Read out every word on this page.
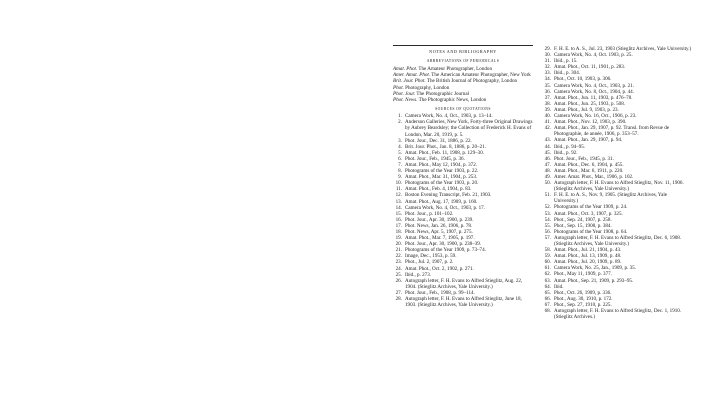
NOTES AND BIBLIOGRAPHY
ABBREVIATIONS OF PERIODICALS
Amat. Phot. The Amateur Photographer, London
Amer. Amat. Phot. The American Amateur Photographer, New York
Brit. Jour. Phot. The British Journal of Photography, London
Phot. Photography, London
Phot. Jour. The Photographic Journal
Phot. News. The Photographic News, London
SOURCES OF QUOTATIONS
1. Camera Work, No. 4, Oct., 1903, p. 13–14.
2. Anderson Galleries, New York, Forty-three Original Drawings by Aubrey Beardsley; the Collection of Frederick H. Evans of London, Mar. 20, 1919, p. 5.
3. Phot. Jour., Dec. 31, 1886, p. 22.
4. Brit. Jour. Phot., Jan. 8, 1886, p. 20–21.
5. Amat. Phot., Feb. 11, 1908, p. 129–30.
6. Phot. Jour., Feb., 1945, p. 36.
7. Amat. Phot., May 12, 1904, p. 372.
8. Photograms of the Year 1903, p. 22.
9. Amat. Phot., Mar. 31, 1904, p. 253.
10. Photograms of the Year 1903, p. 20.
11. Amat. Phot., Feb. 4, 1904, p. 83.
12. Boston Evening Transcript, Feb. 21, 1903.
13. Amat. Phot., Aug. 17, 1909, p. 160.
14. Camera Work, No. 4, Oct., 1903, p. 17.
15. Phot. Jour., p. 101–102.
16. Phot. Jour., Apr. 30, 1900, p. 239.
17. Phot. News, Jan. 26, 1906, p. 78.
18. Phot. News, Apr. 5, 1907, p. 275.
19. Amat. Phot., Mar. 7, 1905, p. 197.
20. Phot. Jour., Apr. 30, 1900, p. 238–39.
21. Photograms of the Year 1909, p. 73–74.
22. Image, Dec., 1953, p. 59.
23. Phot., Jul. 2, 1907, p. 2.
24. Amat. Phot., Oct. 2, 1902, p. 271.
25. Ibid., p. 273.
26. Autograph letter, F. H. Evans to Alfred Stieglitz, Aug. 22, 1904. (Stieglitz Archives, Yale University.)
27. Phot. Jour., Feb., 1908, p. 99–114.
28. Autograph letter, F. H. Evans to Alfred Stieglitz, June 18, 1903. (Stieglitz Archives, Yale University.)
29. F. H. E. to A. S., Jul. 23, 1903 (Stieglitz Archives, Yale University.)
30. Camera Work, No. 4, Oct. 1903, p. 25.
31. Ibid., p. 15.
32. Amat. Phot., Oct. 11, 1901, p. 283.
33. Ibid., p. 304.
34. Phot., Oct. 10, 1903, p. 306.
35. Camera Work, No. 4, Oct., 1903, p. 21.
36. Camera Work, No. 8, Oct., 1904, p. 44.
37. Amat. Phot., Jun. 11, 1903, p. 476–78.
38. Amat. Phot., Jun. 25, 1903, p. 508.
39. Amat. Phot., Jul. 9, 1903, p. 23.
40. Camera Work, No. 16, Oct., 1906, p. 23.
41. Amat. Phot., Nov. 12, 1903, p. 390.
42. Amat. Phot., Jan. 29, 1907, p. 92. Transl. from Revue de Photographie, 4e année, 1906, p. 353–57.
43. Amat. Phot., Jan. 29, 1907, p. 94.
44. Ibid., p. 94–95.
45. Ibid., p. 92.
46. Phot. Jour., Feb., 1945, p. 31.
47. Amat. Phot., Dec. 6, 1904, p. 455.
48. Amat. Phot., Mar. 6, 1911, p. 220.
49. Amer. Amat. Phot., Mar., 1906, p. 102.
50. Autograph letter, F. H. Evans to Alfred Stieglitz, Nov. 11, 1906. (Stieglitz Archives, Yale University.)
51. F. H. E. to A. S., Nov. 9, 1905. (Stieglitz Archives, Yale University.)
52. Photograms of the Year 1909, p. 24.
53. Amat. Phot., Oct. 3, 1907, p. 325.
54. Phot., Sep. 24, 1907, p. 258.
55. Phot., Sep. 15, 1908, p. 384.
56. Photograms of the Year 1908, p. 64.
57. Autograph letter, F. H. Evans to Alfred Stieglitz, Dec. 6, 1908. (Stieglitz Archives, Yale University.)
58. Amat. Phot., Jul. 21, 1904, p. 43.
59. Amat. Phot., Jul. 13, 1909, p. 48.
60. Amat. Phot., Jul. 20, 1909, p. 89.
61. Camera Work, No. 25, Jan., 1909, p. 35.
62. Phot., May 11, 1909, p. 377.
63. Amat. Phot., Sep. 21, 1909, p. 293–95.
64. Ibid.
65. Phot., Oct. 26, 1909, p. 336.
66. Phot., Aug. 30, 1910, p. 172.
67. Phot., Sep. 27, 1910, p. 225.
68. Autograph letter, F. H. Evans to Alfred Stieglitz, Dec. 1, 1910. (Stieglitz Archives.)
